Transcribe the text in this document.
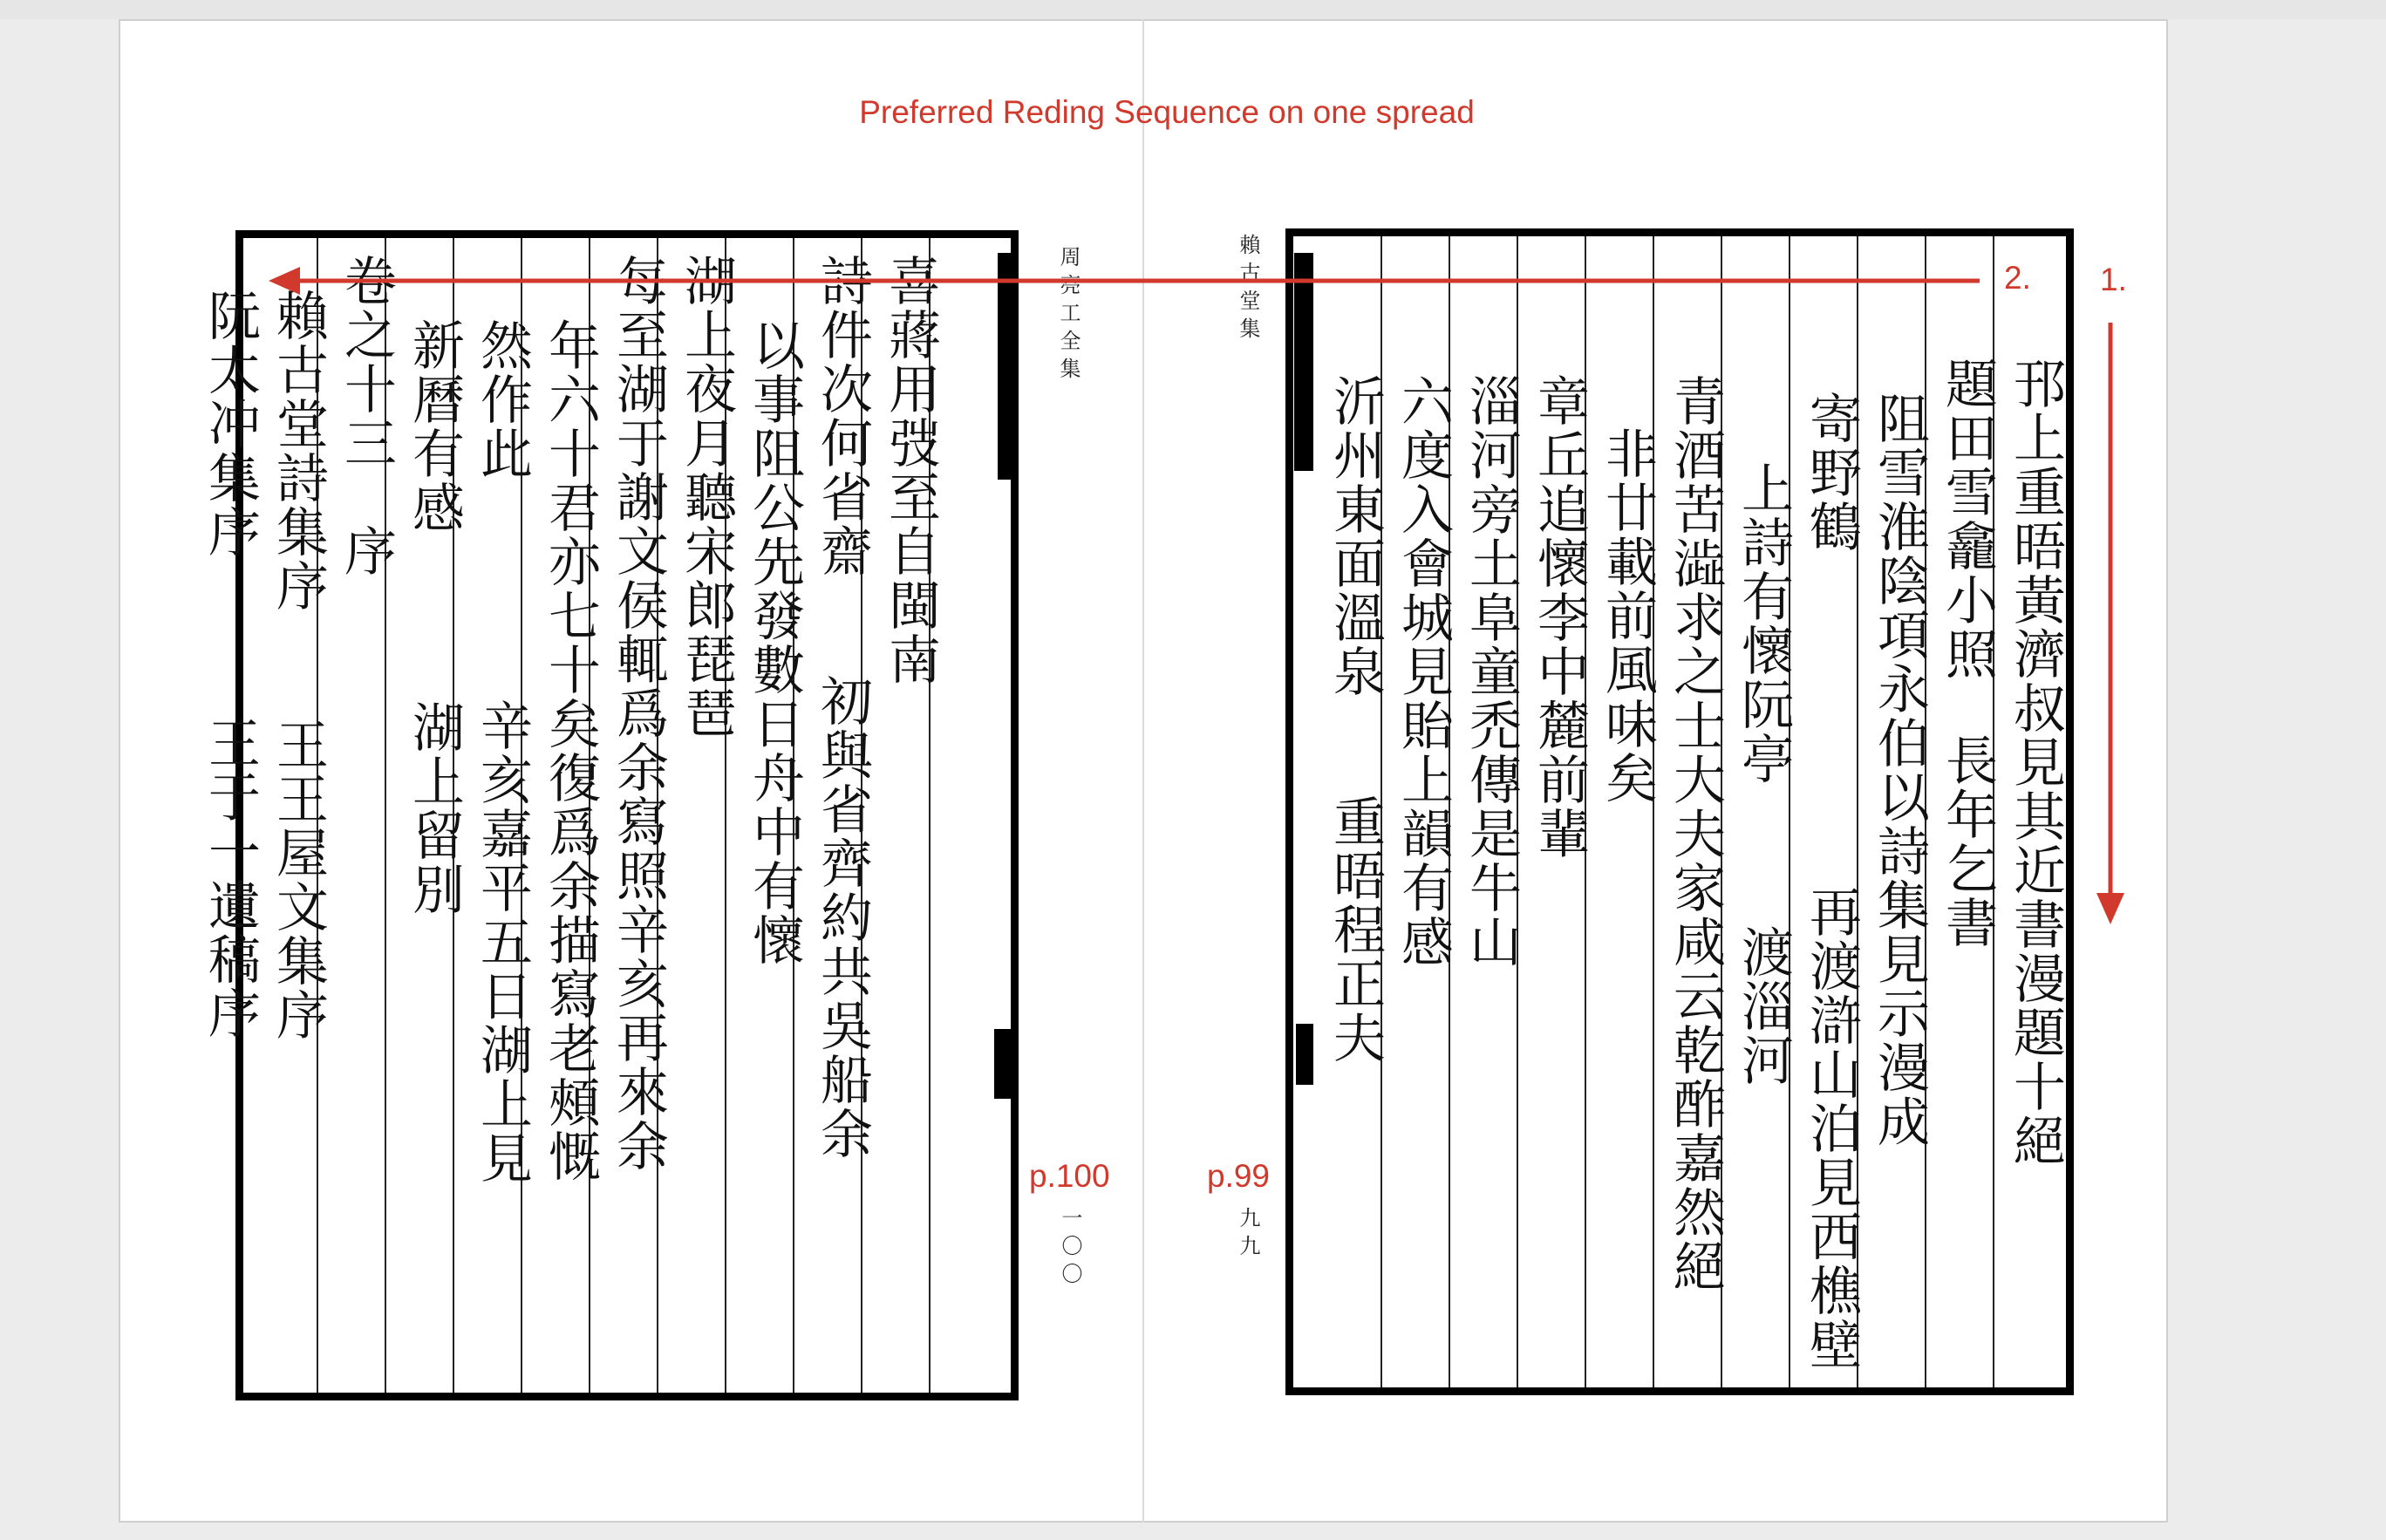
Preferred Reding Sequence on one spread
喜蔣用弢至自閩南
詩件次何省齋初與省齊約共吳船余
以事阻公先發數日舟中有懷
湖上夜月聽宋郎琵琶
每至湖于謝文侯輒爲余寫照辛亥再來余
年六十君亦七十矣復爲余描寫老頰慨
然作此辛亥嘉平五日湖上見
新曆有感湖上留別
卷之十三　序
賴古堂詩集序王王屋文集序
阮太冲集序王于一遺稿序
周亮工全集
一〇〇
p.100
邘上重晤黃濟叔見其近書漫題十絕
題田雪龕小照長年乞書
阻雪淮陰項永伯以詩集見示漫成
寄野鶴再渡滸山泊見西樵壁
上詩有懷阮亭渡淄河
青酒苦澁求之士大夫家咸云乾酢嘉然絕
非廿載前風味矣
章丘追懷李中麓前輩
淄河旁土阜童禿傳是牛山
六度入會城見貽上韻有感
沂州東面溫泉重晤程正夫
賴古堂集
九九
p.99
2. 1.
